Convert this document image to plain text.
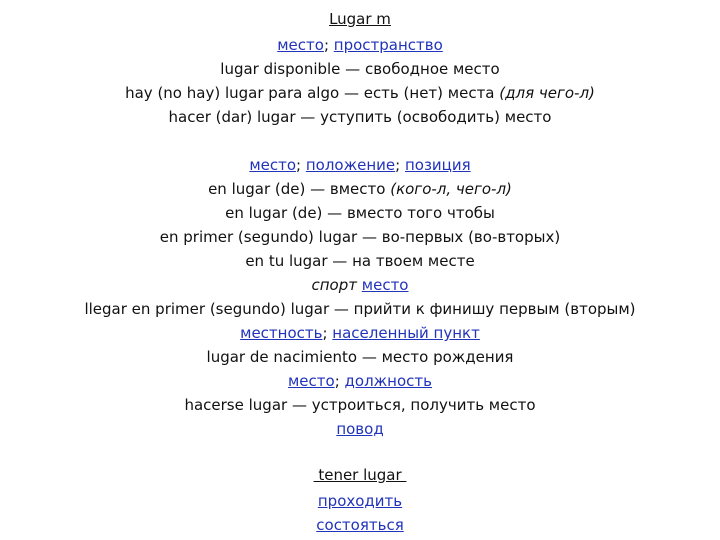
Lugar m
место; пространство
lugar disponible — свободное место
hay (no hay) lugar para algo — есть (нет) места (для чего-л)
hacer (dar) lugar — уступить (освободить) место
место; положение; позиция
en lugar (de) — вместо (кого-л, чего-л)
en lugar (de) — вместо того чтобы
en primer (segundo) lugar — во-первых (во-вторых)
en tu lugar — на твоем месте
спорт место
llegar en primer (segundo) lugar — прийти к финишу первым (вторым)
местность; населенный пункт
lugar de nacimiento — место рождения
место; должность
hacerse lugar — устроиться, получить место
повод
tener lugar
проходить
состояться
